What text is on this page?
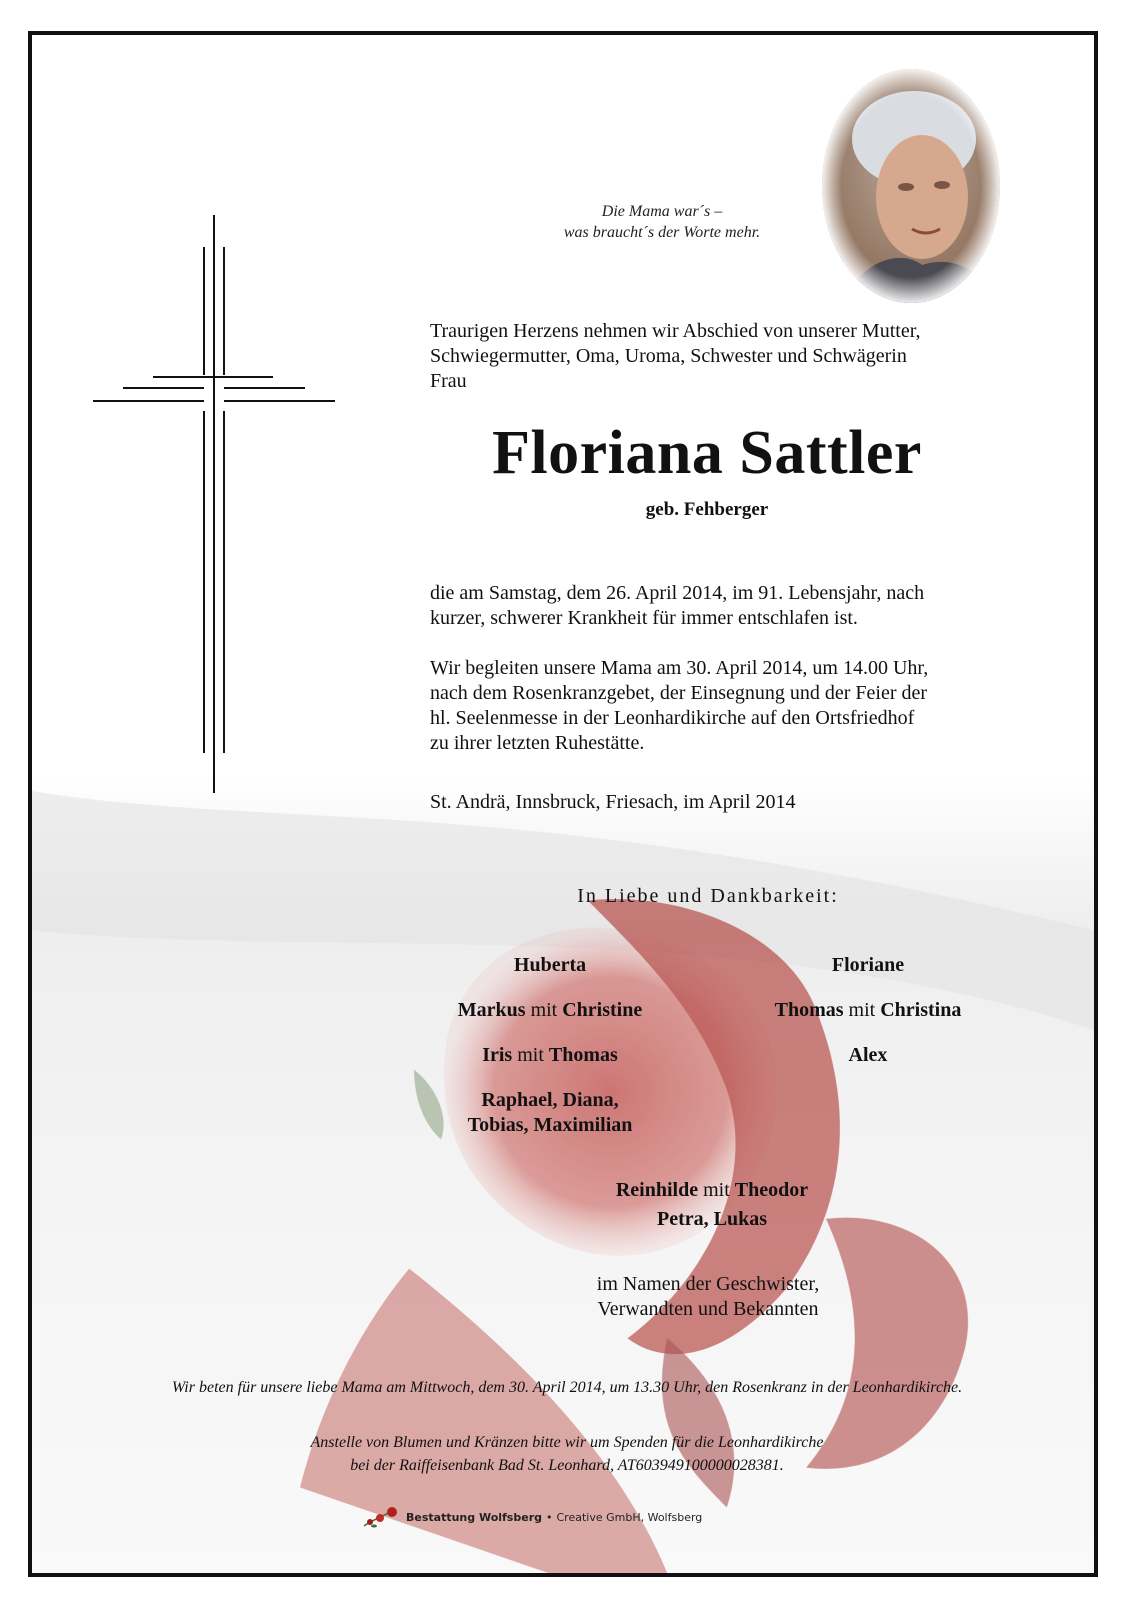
Die Mama war´s –
was braucht´s der Worte mehr.
Traurigen Herzens nehmen wir Abschied von unserer Mutter,
Schwiegermutter, Oma, Uroma, Schwester und Schwägerin
Frau
Floriana Sattler
geb. Fehberger
die am Samstag, dem 26. April 2014, im 91. Lebensjahr, nach
kurzer, schwerer Krankheit für immer entschlafen ist.
Wir begleiten unsere Mama am 30. April 2014, um 14.00 Uhr,
nach dem Rosenkranzgebet, der Einsegnung und der Feier der
hl. Seelenmesse in der Leonhardikirche auf den Ortsfriedhof
zu ihrer letzten Ruhestätte.
St. Andrä, Innsbruck, Friesach, im April 2014
In Liebe und Dankbarkeit:
Huberta	Floriane
Markus mit Christine	Thomas mit Christina
Iris mit Thomas	Alex
Raphael, Diana,
Tobias, Maximilian
Reinhilde mit Theodor
Petra, Lukas
im Namen der Geschwister,
Verwandten und Bekannten
Wir beten für unsere liebe Mama am Mittwoch, dem 30. April 2014, um 13.30 Uhr, den Rosenkranz in der Leonhardikirche.
Anstelle von Blumen und Kränzen bitte wir um Spenden für die Leonhardikirche
bei der Raiffeisenbank Bad St. Leonhard, AT603949100000028381.
Bestattung Wolfsberg • Creative GmbH, Wolfsberg
